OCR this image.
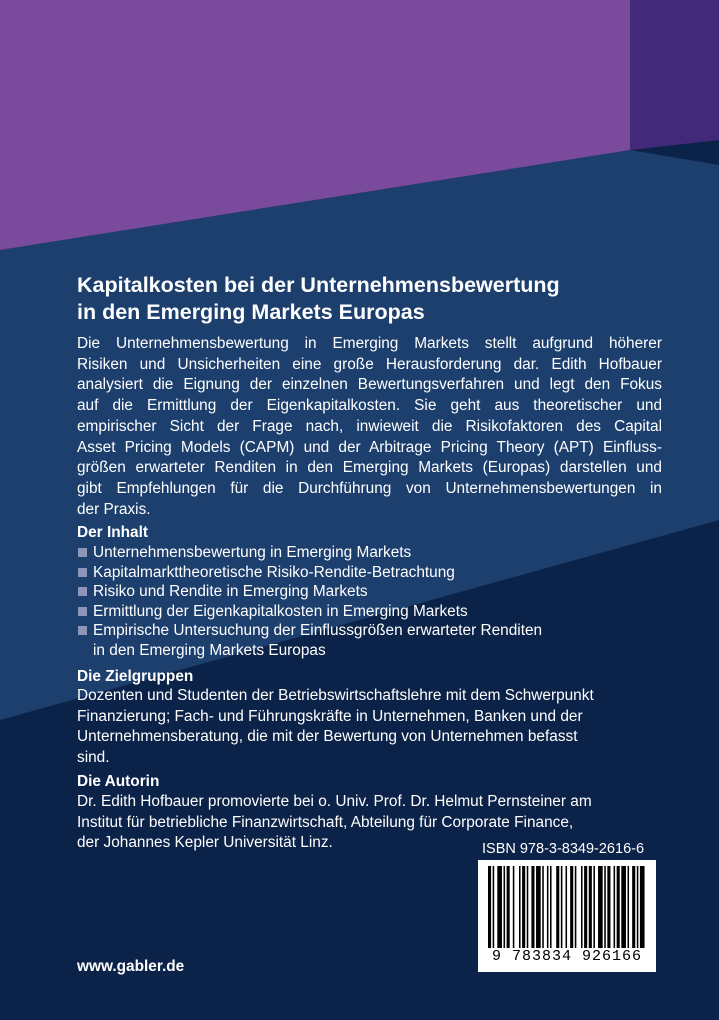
Kapitalkosten bei der Unternehmensbewertung
in den Emerging Markets Europas
Die Unternehmensbewertung in Emerging Markets stellt aufgrund höherer
Risiken und Unsicherheiten eine große Herausforderung dar. Edith Hofbauer
analysiert die Eignung der einzelnen Bewertungsverfahren und legt den Fokus
auf die Ermittlung der Eigenkapitalkosten. Sie geht aus theoretischer und
empirischer Sicht der Frage nach, inwieweit die Risikofaktoren des Capital
Asset Pricing Models (CAPM) und der Arbitrage Pricing Theory (APT) Einfluss-
größen erwarteter Renditen in den Emerging Markets (Europas) darstellen und
gibt Empfehlungen für die Durchführung von Unternehmensbewertungen in
der Praxis.
Der Inhalt
Unternehmensbewertung in Emerging Markets
Kapitalmarkttheoretische Risiko-Rendite-Betrachtung
Risiko und Rendite in Emerging Markets
Ermittlung der Eigenkapitalkosten in Emerging Markets
Empirische Untersuchung der Einflussgrößen erwarteter Renditen
in den Emerging Markets Europas
Die Zielgruppen
Dozenten und Studenten der Betriebswirtschaftslehre mit dem Schwerpunkt
Finanzierung; Fach- und Führungskräfte in Unternehmen, Banken und der
Unternehmensberatung, die mit der Bewertung von Unternehmen befasst
sind.
Die Autorin
Dr. Edith Hofbauer promovierte bei o. Univ. Prof. Dr. Helmut Pernsteiner am
Institut für betriebliche Finanzwirtschaft, Abteilung für Corporate Finance,
der Johannes Kepler Universität Linz.	ISBN 978-3-8349-2616-6
9 783834 926166
www.gabler.de
